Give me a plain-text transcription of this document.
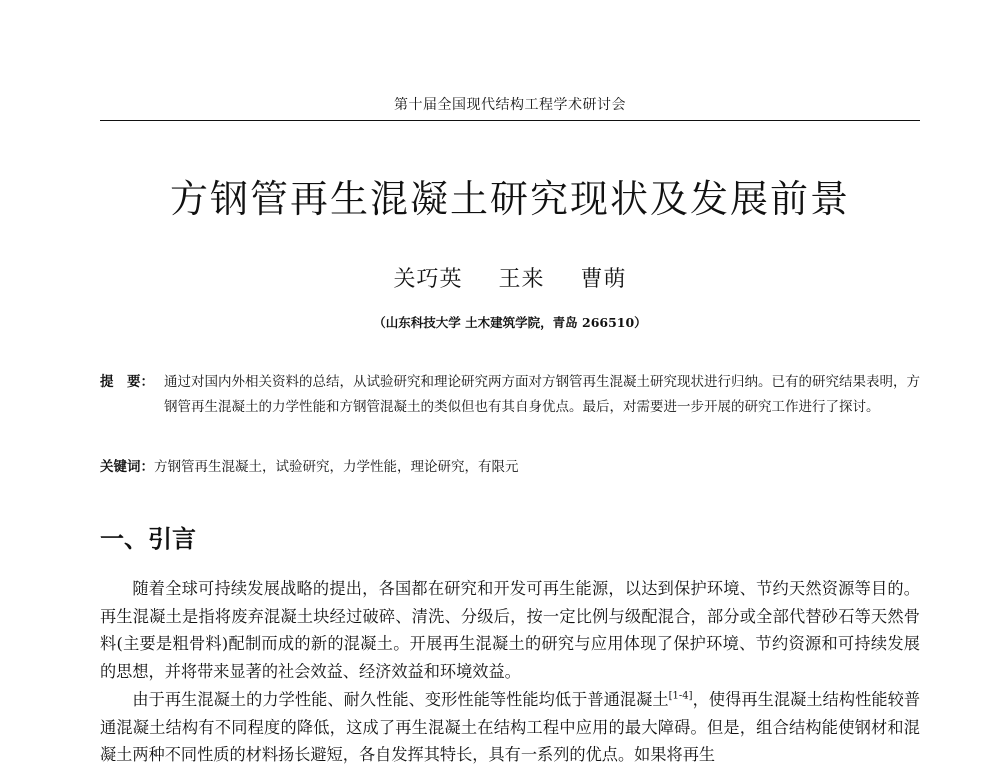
第十届全国现代结构工程学术研讨会
方钢管再生混凝土研究现状及发展前景
关巧英 王来 曹萌
（山东科技大学 土木建筑学院，青岛 266510）
提　要： 通过对国内外相关资料的总结，从试验研究和理论研究两方面对方钢管再生混凝土研究现状进行归纳。已有的研究结果表明，方钢管再生混凝土的力学性能和方钢管混凝土的类似但也有其自身优点。最后，对需要进一步开展的研究工作进行了探讨。
关键词：方钢管再生混凝土，试验研究，力学性能，理论研究，有限元
一、引言

随着全球可持续发展战略的提出，各国都在研究和开发可再生能源，以达到保护环境、节约天然资源等目的。再生混凝土是指将废弃混凝土块经过破碎、清洗、分级后，按一定比例与级配混合，部分或全部代替砂石等天然骨料(主要是粗骨料)配制而成的新的混凝土。开展再生混凝土的研究与应用体现了保护环境、节约资源和可持续发展的思想，并将带来显著的社会效益、经济效益和环境效益。

由于再生混凝土的力学性能、耐久性能、变形性能等性能均低于普通混凝土[1-4]，使得再生混凝土结构性能较普通混凝土结构有不同程度的降低，这成了再生混凝土在结构工程中应用的最大障碍。但是，组合结构能使钢材和混凝土两种不同性质的材料扬长避短，各自发挥其特长，具有一系列的优点。如果将再生
